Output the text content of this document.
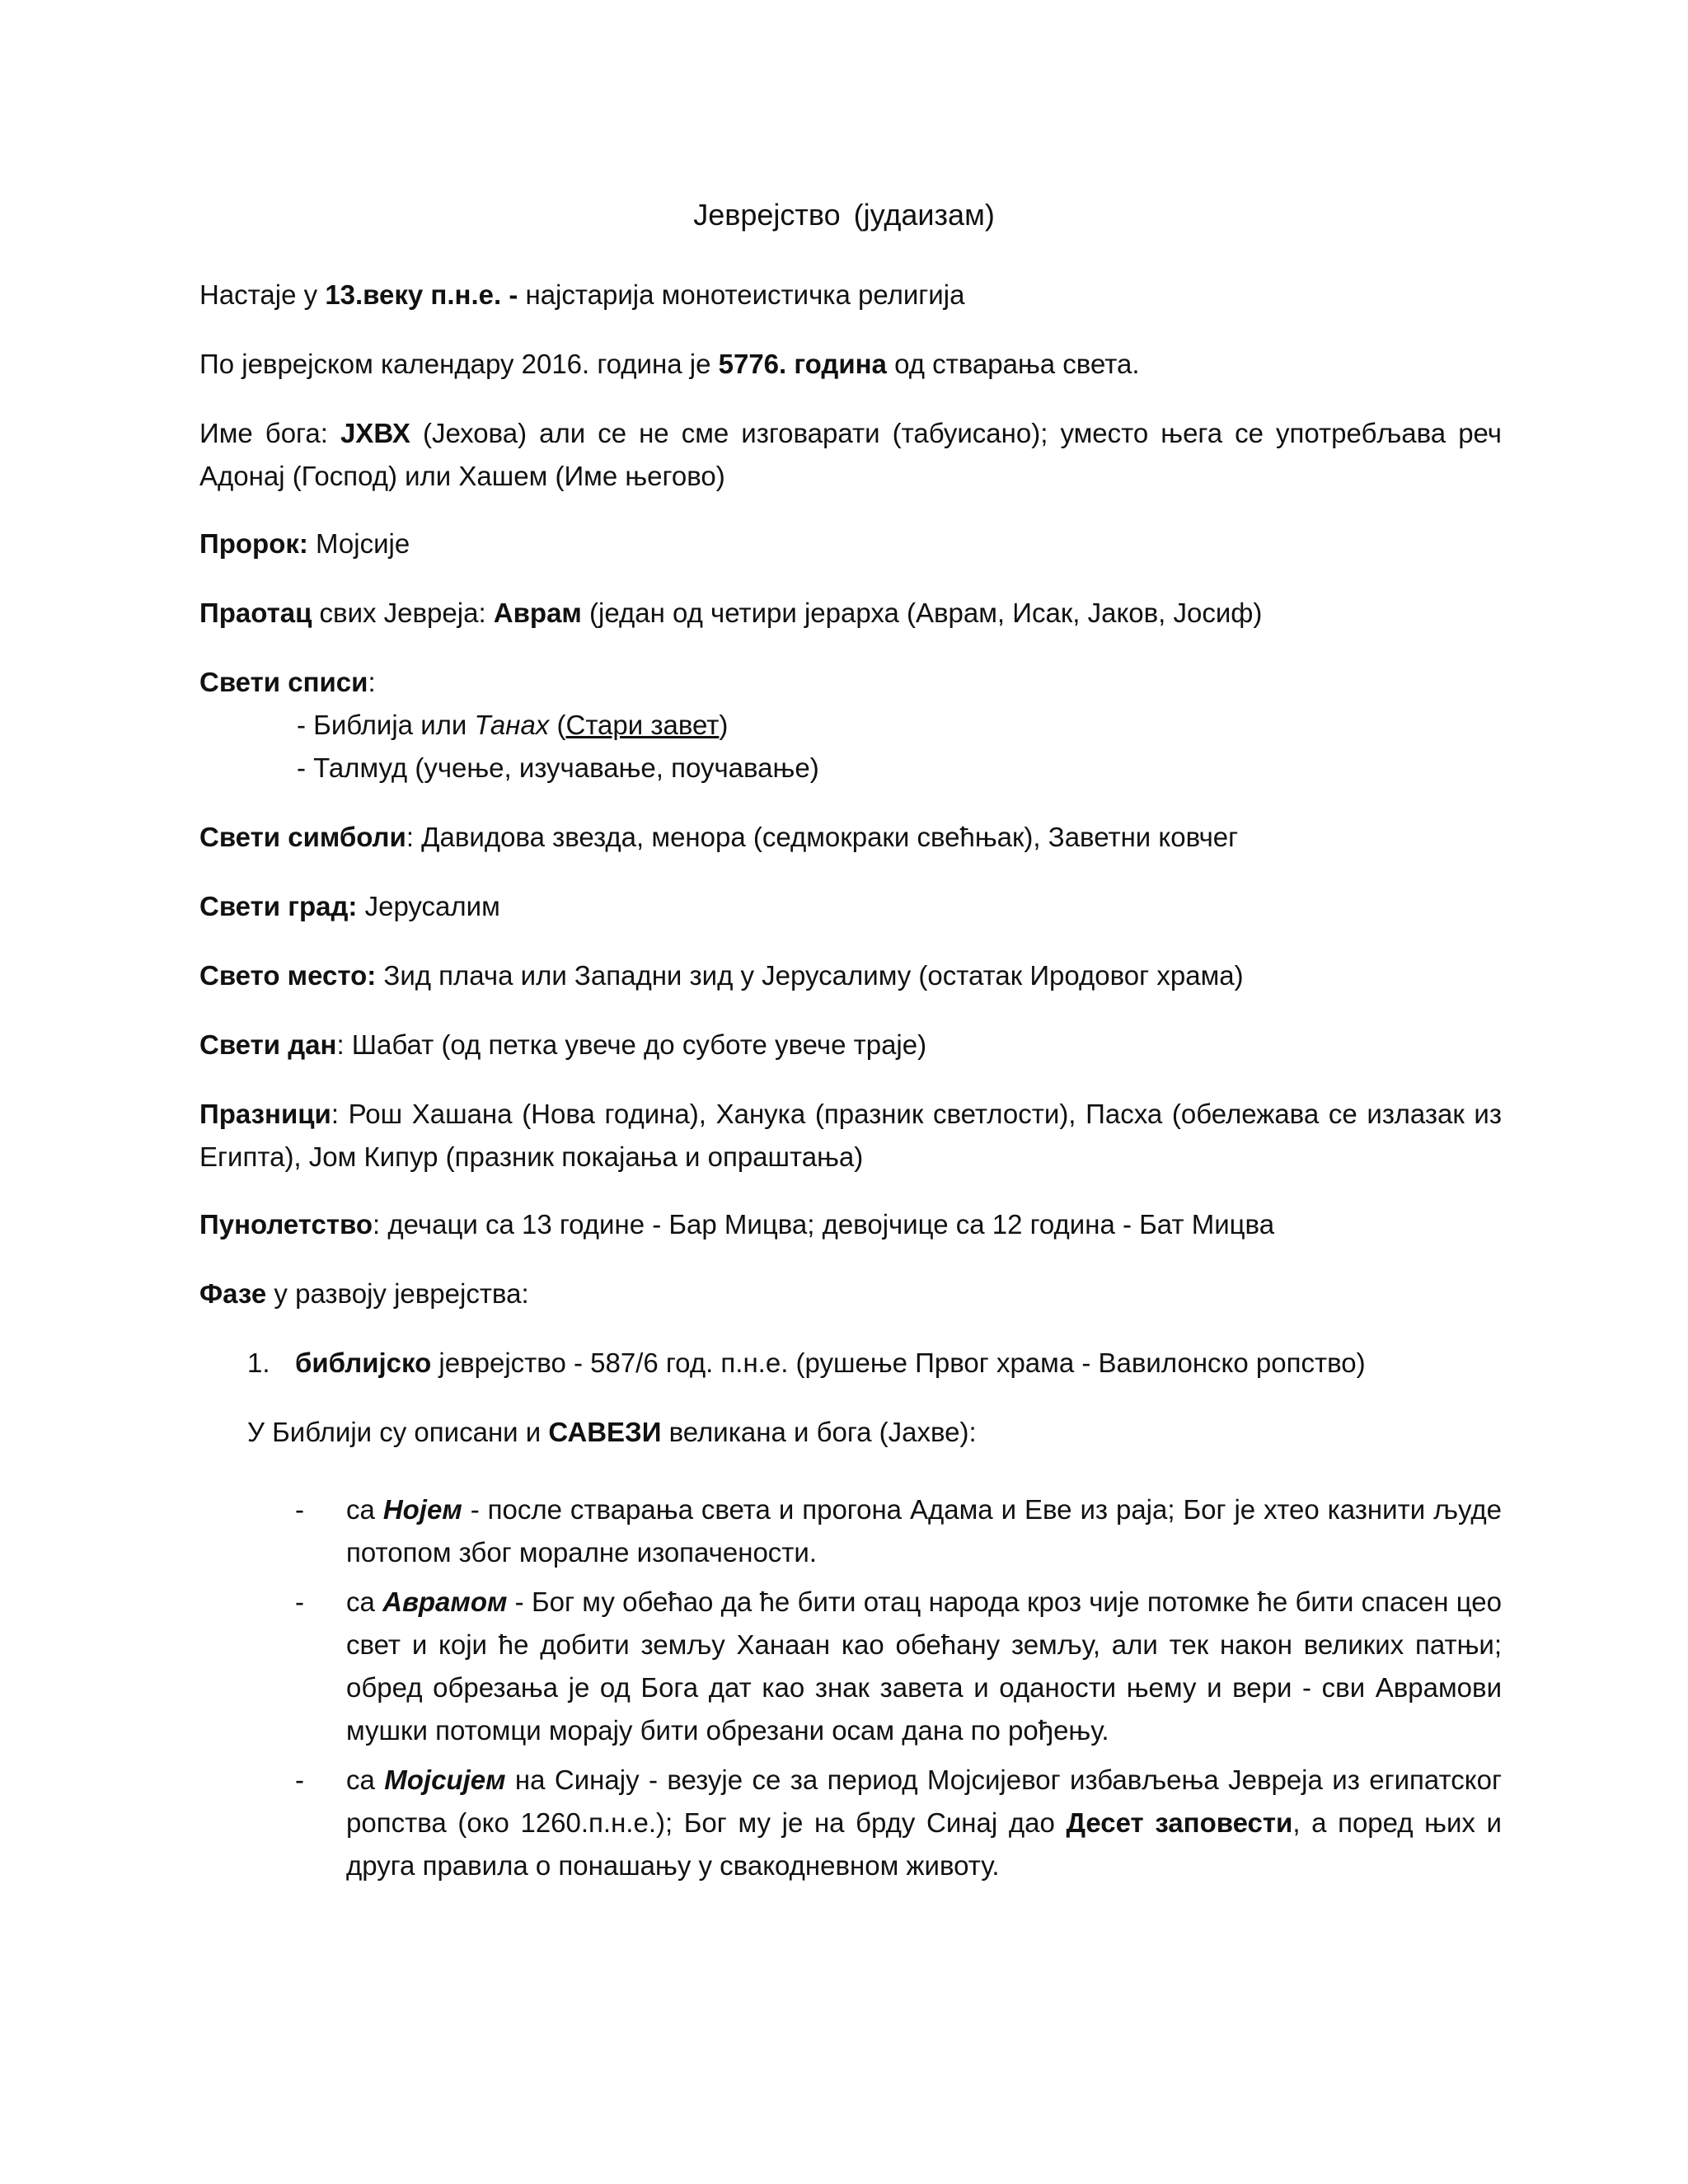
Јеврејство (јудаизам)

Настаје у 13.веку п.н.е. - најстарија монотеистичка религија

По јеврејском календару 2016. година је 5776. година од стварања света.

Име бога: ЈХВХ (Јехова) али се не сме изговарати (табуисано); уместо њега се употребљава реч Адонај (Господ) или Хашем (Име његово)

Пророк: Мојсије

Праотац свих Јевреја: Аврам (један од четири јерарха (Аврам, Исак, Јаков, Јосиф)

Свети списи:

- Библија или Танах (Стари завет)
- Талмуд (учење, изучавање, поучавање)

Свети симболи: Давидова звезда, менора (седмокраки свећњак), Заветни ковчег

Свети град: Јерусалим

Свето место: Зид плача или Западни зид у Јерусалиму (остатак Иродовог храма)

Свети дан: Шабат (од петка увече до суботе увече траје)

Празници: Рош Хашана (Нова година), Ханука (празник светлости), Пасха (обележава се излазак из Египта), Јом Кипур (празник покајања и опраштања)

Пунолетство: дечаци са 13 године - Бар Мицва; девојчице са 12 година - Бат Мицва

Фазе у развоју јеврејства:

1. библијско јеврејство - 587/6 год. п.н.е. (рушење Првог храма - Вавилонско ропство)

У Библији су описани и САВЕЗИ великана и бога (Јахве):

- са Нојем - после стварања света и прогона Адама и Еве из раја; Бог је хтео казнити људе потопом због моралне изопачености.

- са Аврамом - Бог му обећао да ће бити отац народа кроз чије потомке ће бити спасен цео свет и који ће добити земљу Ханаан као обећану земљу, али тек након великих патњи; обред обрезања је од Бога дат као знак завета и оданости њему и вери - сви Аврамови мушки потомци морају бити обрезани осам дана по рођењу.

- са Мојсијем на Синају - везује се за период Мојсијевог избављења Јевреја из египатског ропства (око 1260.п.н.е.); Бог му је на брду Синај дао Десет заповести, а поред њих и друга правила о понашању у свакодневном животу.
